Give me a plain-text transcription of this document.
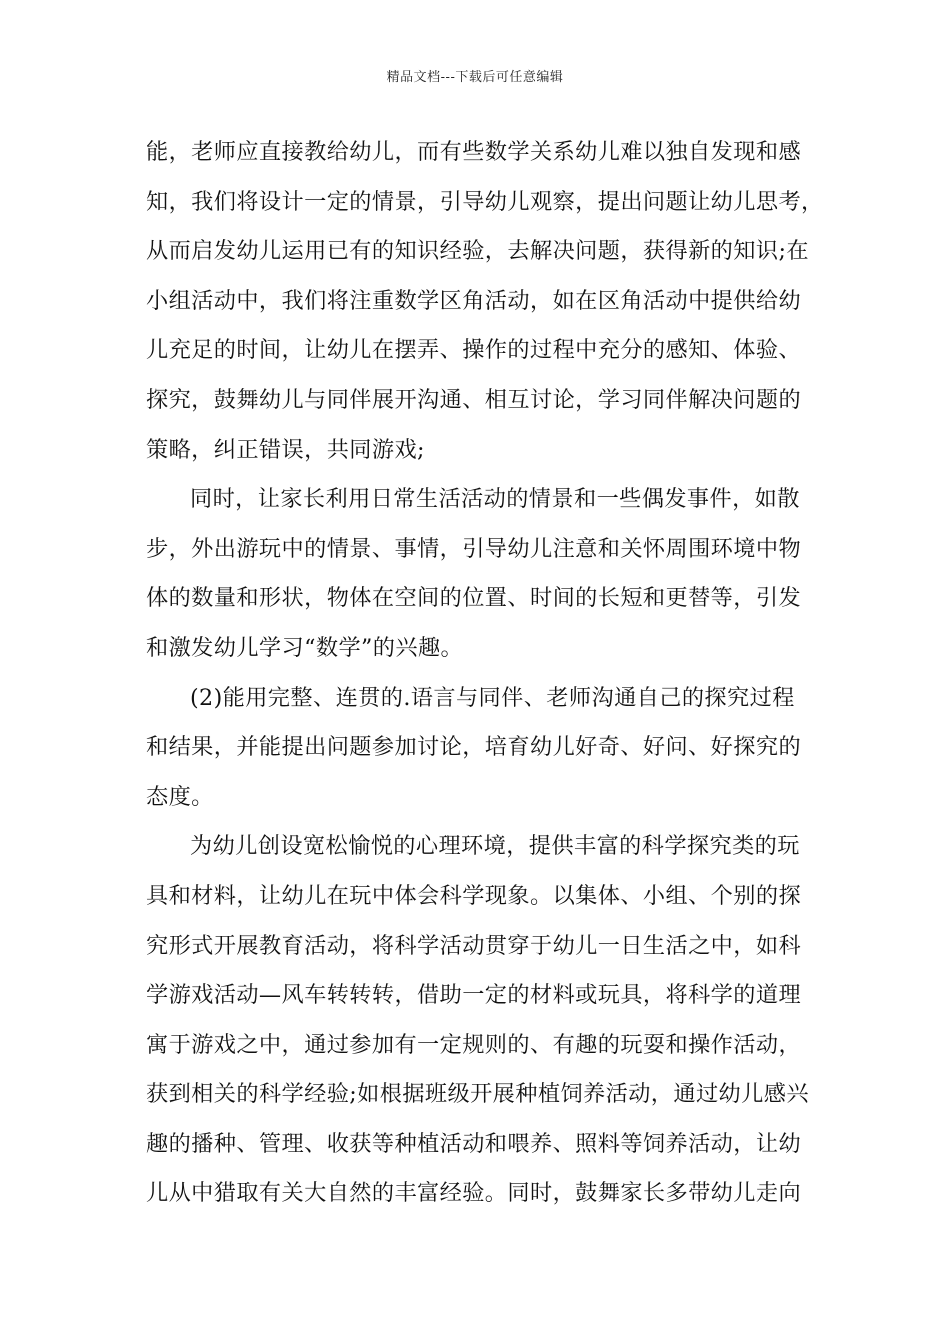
精品文档---下载后可任意编辑
能，老师应直接教给幼儿，而有些数学关系幼儿难以独自发现和感
知，我们将设计一定的情景，引导幼儿观察，提出问题让幼儿思考，
从而启发幼儿运用已有的知识经验，去解决问题，获得新的知识;在
小组活动中，我们将注重数学区角活动，如在区角活动中提供给幼
儿充足的时间，让幼儿在摆弄、操作的过程中充分的感知、体验、
探究，鼓舞幼儿与同伴展开沟通、相互讨论，学习同伴解决问题的
策略，纠正错误，共同游戏;
同时，让家长利用日常生活活动的情景和一些偶发事件，如散
步，外出游玩中的情景、事情，引导幼儿注意和关怀周围环境中物
体的数量和形状，物体在空间的位置、时间的长短和更替等，引发
和激发幼儿学习“数学”的兴趣。
(2)能用完整、连贯的.语言与同伴、老师沟通自己的探究过程
和结果，并能提出问题参加讨论，培育幼儿好奇、好问、好探究的
态度。
为幼儿创设宽松愉悦的心理环境，提供丰富的科学探究类的玩
具和材料，让幼儿在玩中体会科学现象。以集体、小组、个别的探
究形式开展教育活动，将科学活动贯穿于幼儿一日生活之中，如科
学游戏活动—风车转转转，借助一定的材料或玩具，将科学的道理
寓于游戏之中，通过参加有一定规则的、有趣的玩耍和操作活动，
获到相关的科学经验;如根据班级开展种植饲养活动，通过幼儿感兴
趣的播种、管理、收获等种植活动和喂养、照料等饲养活动，让幼
儿从中猎取有关大自然的丰富经验。同时，鼓舞家长多带幼儿走向
